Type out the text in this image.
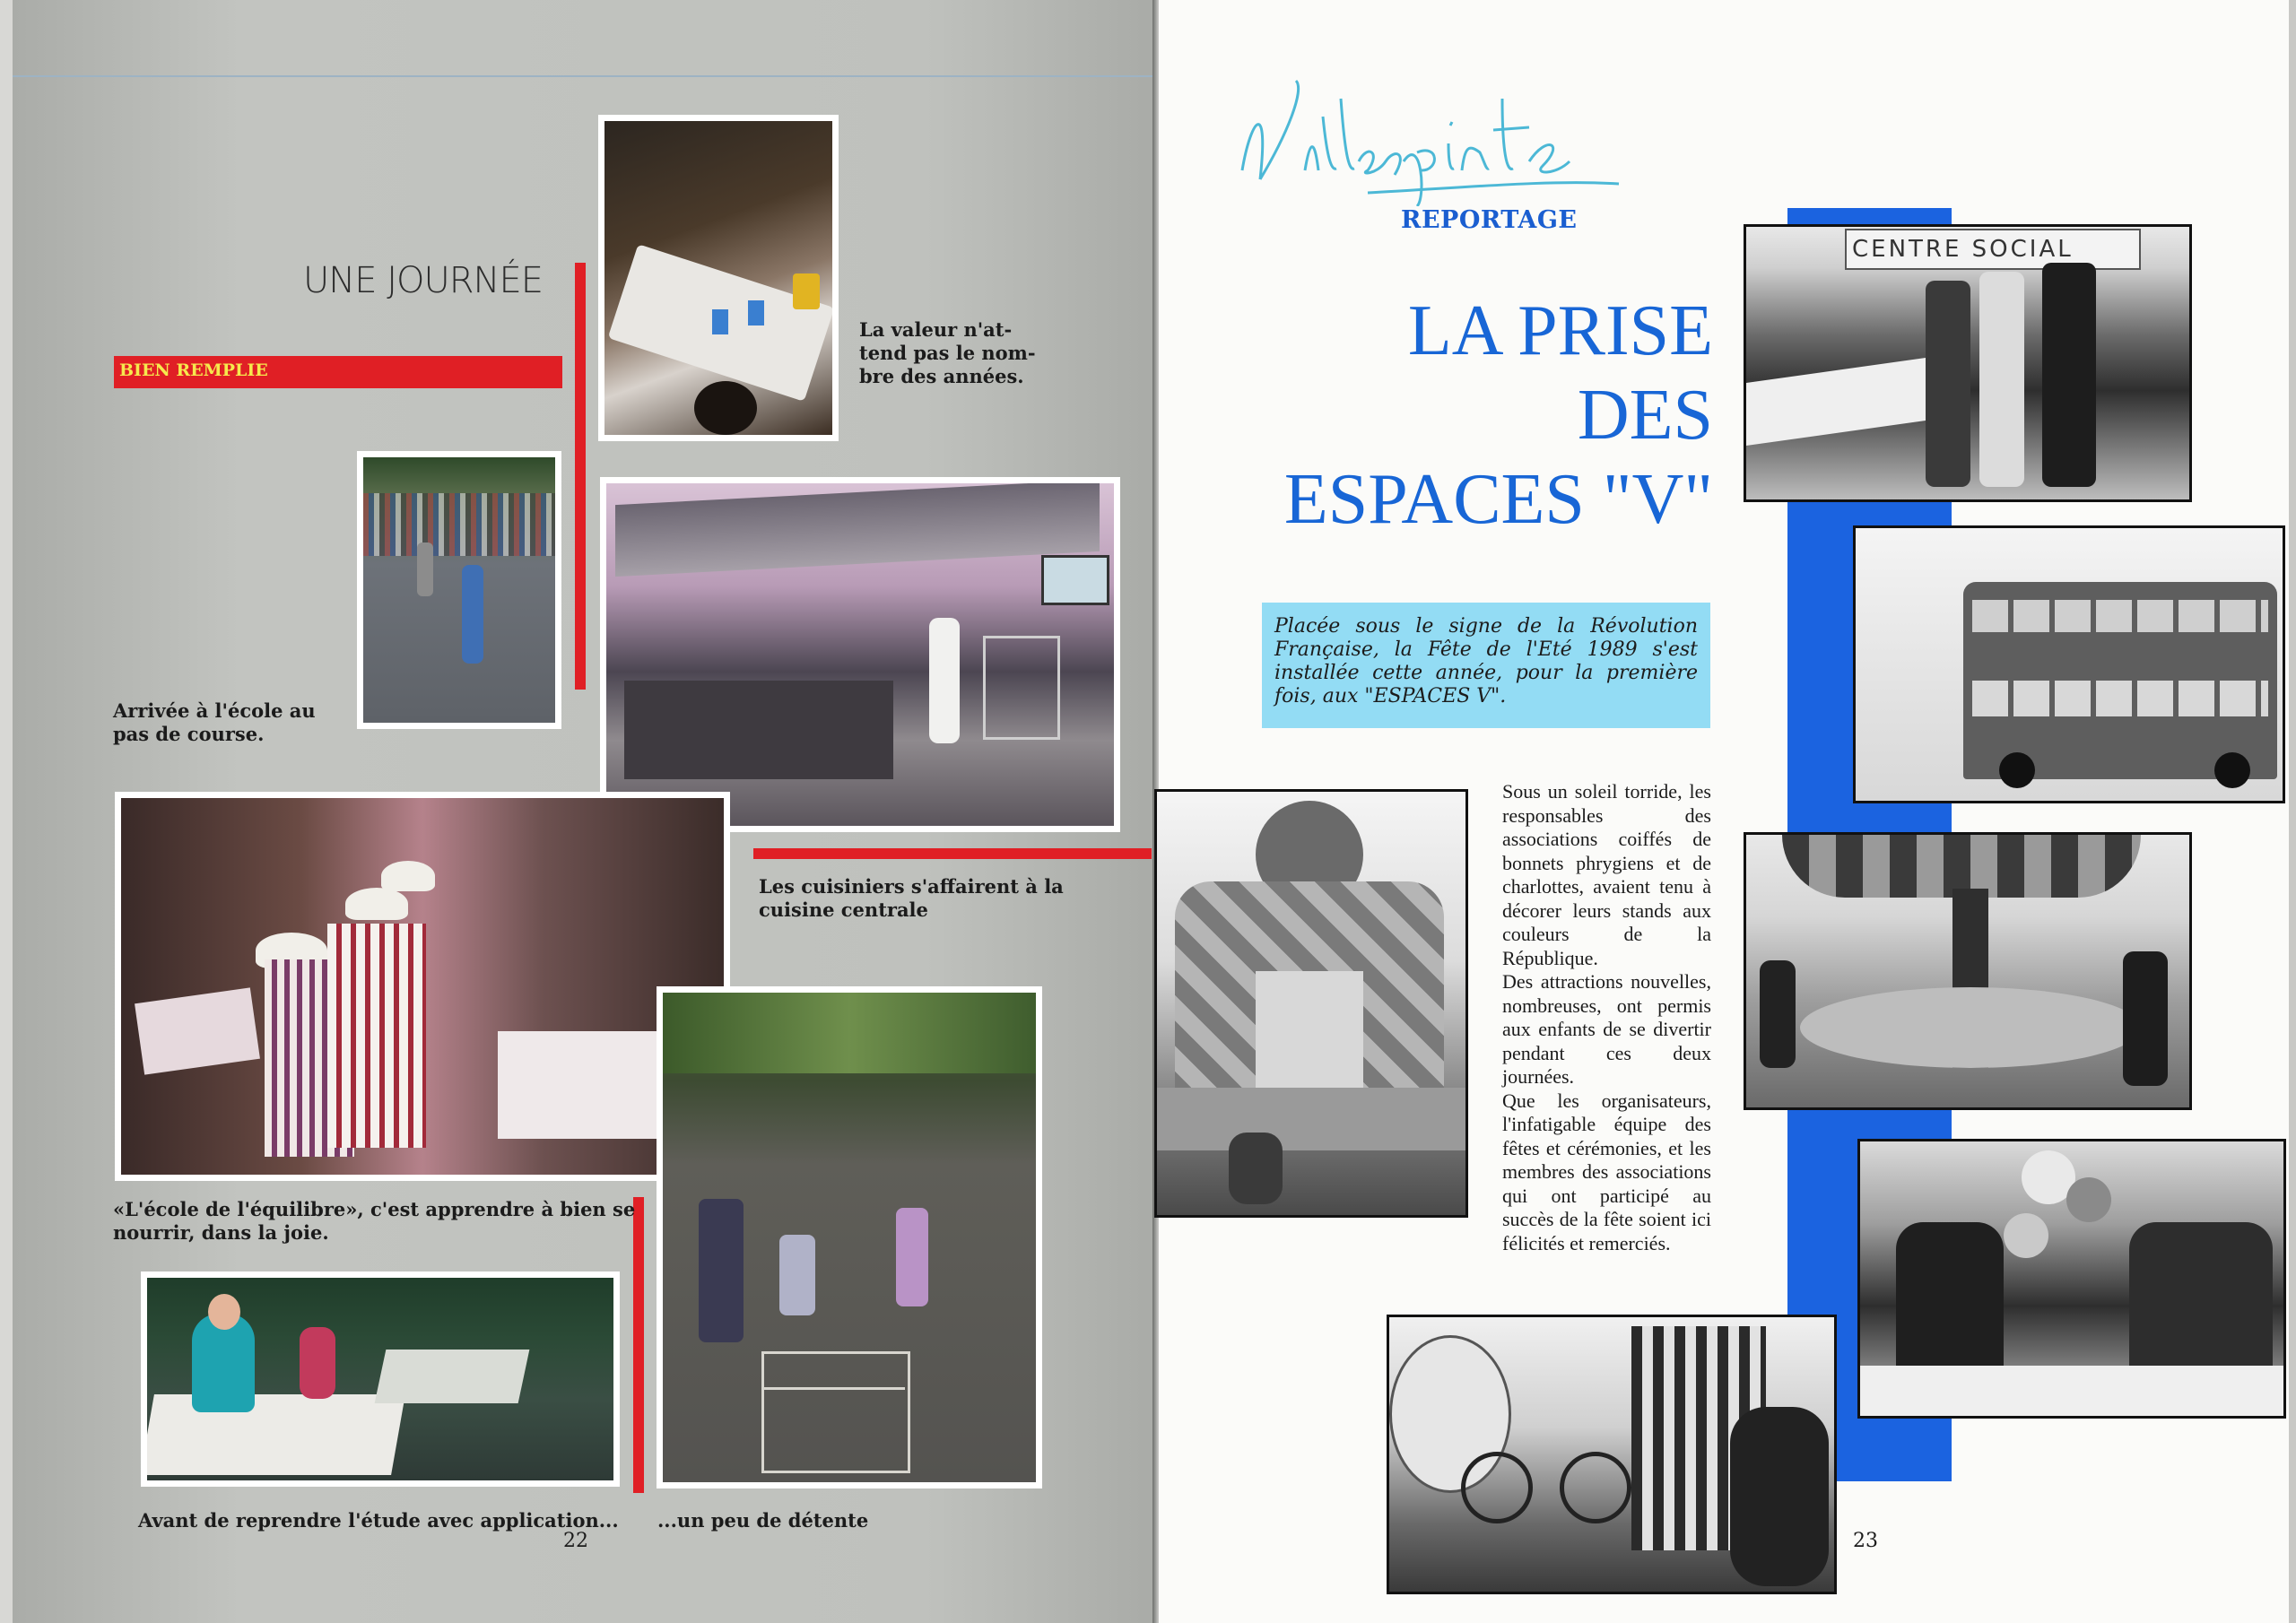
UNE JOURNÉE
BIEN REMPLIE
La valeur n'at-
tend pas le nom-
bre des années.
Arrivée à l'école au
pas de course.
Les cuisiniers s'affairent à la
cuisine centrale
«L'école de l'équilibre», c'est apprendre à bien se
nourrir, dans la joie.
...un peu de détente
Avant de reprendre l'étude avec application...
22
REPORTAGE
LA PRISE
DES
ESPACES "V"
Placée sous le signe de la Révolution Française, la Fête de l'Eté 1989 s'est installée cette année, pour la première fois, aux "ESPACES V".

Sous un soleil torride, les responsables des associations coiffés de bonnets phrygiens et de charlottes, avaient tenu à décorer leurs stands aux couleurs de la République.

Des attractions nouvelles, nombreuses, ont permis aux enfants de se divertir pendant ces deux journées.

Que les organisateurs, l'infatigable équipe des fêtes et cérémonies, et les membres des associations qui ont participé au succès de la fête soient ici félicités et remerciés.

CENTRE SOCIAL
23
